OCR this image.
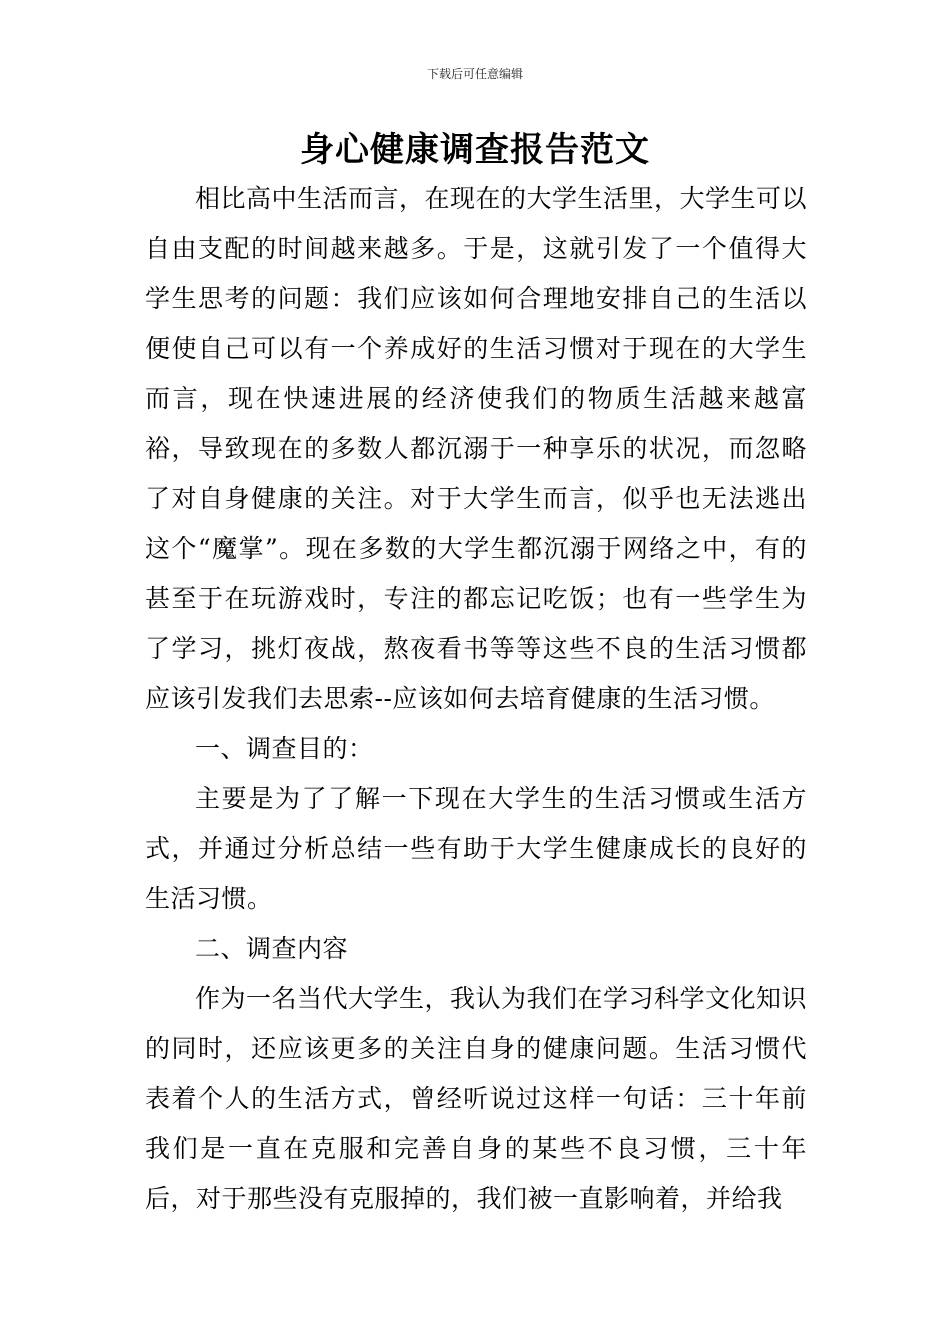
下载后可任意编辑
身心健康调查报告范文

相比高中生活而言，在现在的大学生活里，大学生可以自由支配的时间越来越多。于是，这就引发了一个值得大学生思考的问题：我们应该如何合理地安排自己的生活以便使自己可以有一个养成好的生活习惯对于现在的大学生而言，现在快速进展的经济使我们的物质生活越来越富裕，导致现在的多数人都沉溺于一种享乐的状况，而忽略了对自身健康的关注。对于大学生而言，似乎也无法逃出这个“魔掌”。现在多数的大学生都沉溺于网络之中，有的甚至于在玩游戏时，专注的都忘记吃饭；也有一些学生为了学习，挑灯夜战，熬夜看书等等这些不良的生活习惯都应该引发我们去思索--应该如何去培育健康的生活习惯。

一、调查目的：

主要是为了了解一下现在大学生的生活习惯或生活方式，并通过分析总结一些有助于大学生健康成长的良好的生活习惯。

二、调查内容

作为一名当代大学生，我认为我们在学习科学文化知识的同时，还应该更多的关注自身的健康问题。生活习惯代表着个人的生活方式，曾经听说过这样一句话：三十年前我们是一直在克服和完善自身的某些不良习惯，三十年后，对于那些没有克服掉的，我们被一直影响着，并给我
